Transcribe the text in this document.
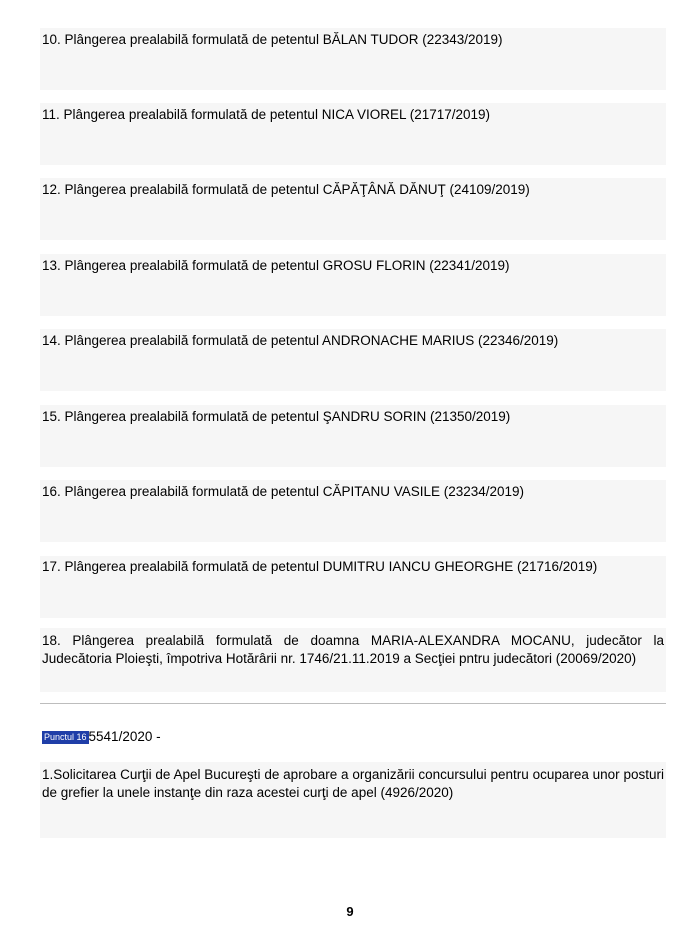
10. Plângerea prealabilă formulată de petentul BĂLAN TUDOR (22343/2019)
11. Plângerea prealabilă formulată de petentul NICA VIOREL (21717/2019)
12. Plângerea prealabilă formulată de petentul CĂPĂŢÂNĂ DĂNUŢ (24109/2019)
13. Plângerea prealabilă formulată de petentul GROSU FLORIN (22341/2019)
14. Plângerea prealabilă formulată de petentul ANDRONACHE MARIUS (22346/2019)
15. Plângerea prealabilă formulată de petentul ŞANDRU SORIN (21350/2019)
16. Plângerea prealabilă formulată de petentul CĂPITANU VASILE (23234/2019)
17. Plângerea prealabilă formulată de petentul DUMITRU IANCU GHEORGHE (21716/2019)
18. Plângerea prealabilă formulată de doamna MARIA-ALEXANDRA MOCANU, judecător la Judecătoria Ploieşti, împotriva Hotărârii nr. 1746/21.11.2019 a Secţiei pntru judecători (20069/2020)
Punctul 16 5541/2020 -
1.Solicitarea Curţii de Apel Bucureşti de aprobare a organizării concursului pentru ocuparea unor posturi de grefier la unele instanţe din raza acestei curţi de apel (4926/2020)
9
